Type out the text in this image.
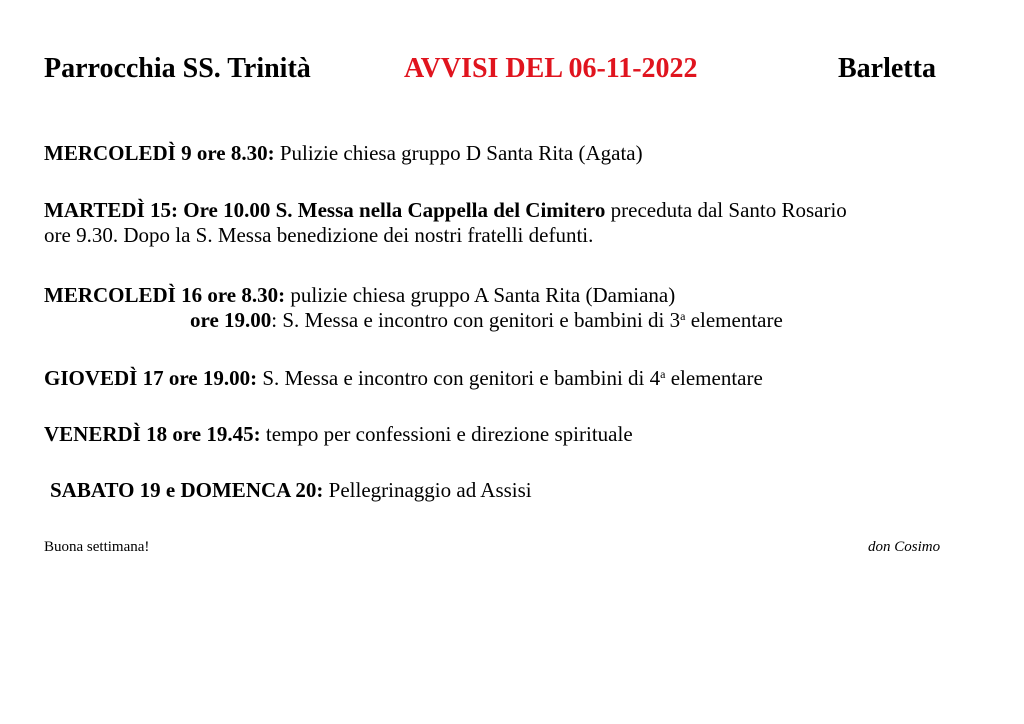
Parrocchia SS. Trinità	AVVISI DEL 06-11-2022	Barletta
MERCOLEDÌ 9 ore 8.30: Pulizie chiesa gruppo D Santa Rita (Agata)
MARTEDÌ 15: Ore 10.00 S. Messa nella Cappella del Cimitero preceduta dal Santo Rosario
ore 9.30. Dopo la S. Messa benedizione dei nostri fratelli defunti.
MERCOLEDÌ 16 ore 8.30: pulizie chiesa gruppo A Santa Rita (Damiana)
ore 19.00: S. Messa e incontro con genitori e bambini di 3$^a$ elementare
GIOVEDÌ 17 ore 19.00: S. Messa e incontro con genitori e bambini di 4$^a$ elementare
VENERDÌ 18 ore 19.45: tempo per confessioni e direzione spirituale
SABATO 19 e DOMENCA 20: Pellegrinaggio ad Assisi
Buona settimana!	don Cosimo
